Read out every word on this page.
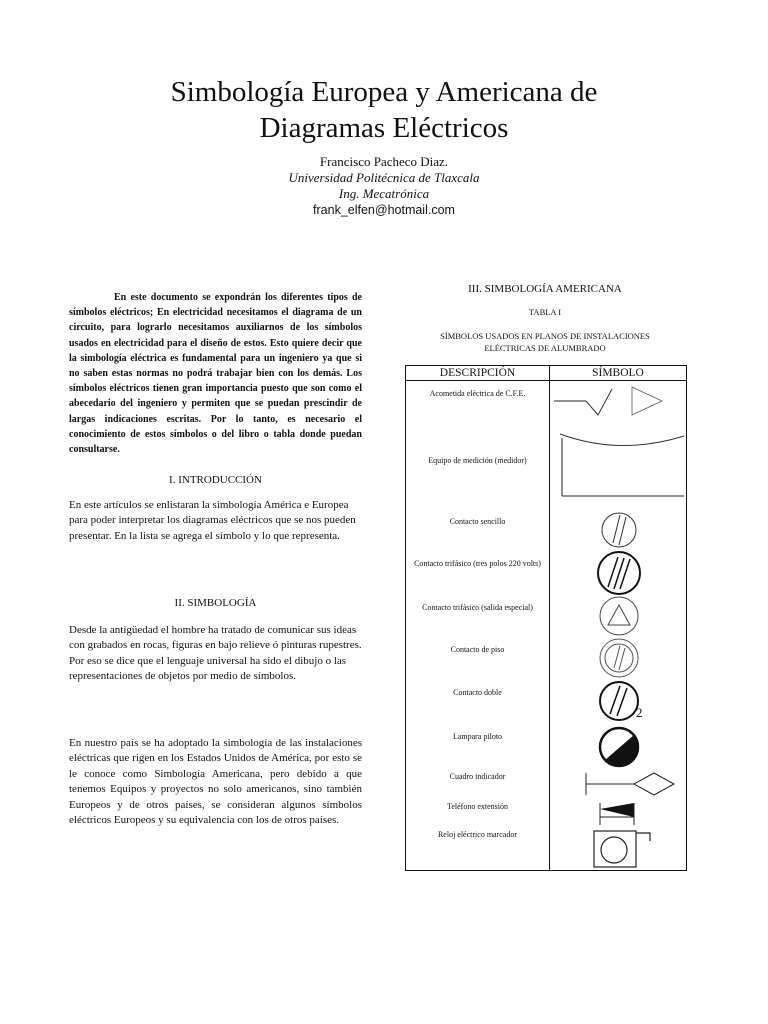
Simbología Europea y Americana de
Diagramas Eléctricos
Francisco Pacheco Diaz.
Universidad Politécnica de Tlaxcala
Ing. Mecatrónica
frank_elfen@hotmail.com

En este documento se expondrán los diferentes tipos de símbolos eléctricos; En electricidad necesitamos el diagrama de un circuito, para lograrlo necesitamos auxiliarnos de los símbolos usados en electricidad para el diseño de estos. Esto quiere decir que la simbología eléctrica es fundamental para un ingeniero ya que si no saben estas normas no podrá trabajar bien con los demás. Los símbolos eléctricos tienen gran importancia puesto que son como el abecedario del ingeniero y permiten que se puedan prescindir de largas indicaciones escritas. Por lo tanto, es necesario el conocimiento de estos símbolos o del libro o tabla donde puedan consultarse.

I. INTRODUCCIÓN

En este artículos se enlistaran la simbología América e Europea para poder interpretar los diagramas eléctricos que se nos pueden presentar. En la lista se agrega el símbolo y lo que representa.

II. SIMBOLOGÍA

Desde la antigüedad el hombre ha tratado de comunicar sus ideas con grabados en rocas, figuras en bajo relieve ó pinturas rupestres. Por eso se dice que el lenguaje universal ha sido el dibujo o las representaciones de objetos por medio de símbolos.

En nuestro país se ha adoptado la simbología de las instalaciones eléctricas que rigen en los Estados Unidos de América, por esto se le conoce como Simbología Americana, pero debido a que tenemos Equipos y proyectos no solo americanos, sino también Europeos y de otros países, se consideran algunos símbolos eléctricos Europeos y su equivalencia con los de otros países.

III. SIMBOLOGÍA AMERICANA
TABLA I
SÍMBOLOS USADOS EN PLANOS DE INSTALACIONES ELÉCTRICAS DE ALUMBRADO
DESCRIPCIÓN	SÍMBOLO
Acometida eléctrica de C.F.E.	

Equipo de medición (medidor)	

Contacto sencillo	

Contacto trifásico (tres polos 220 volts)	

Contacto trifásico (salida especial)	

Contacto de piso	

Contacto doble	2

Lampara piloto	

Cuadro indicador	

Teléfono extensión	

Reloj eléctrico marcador	
